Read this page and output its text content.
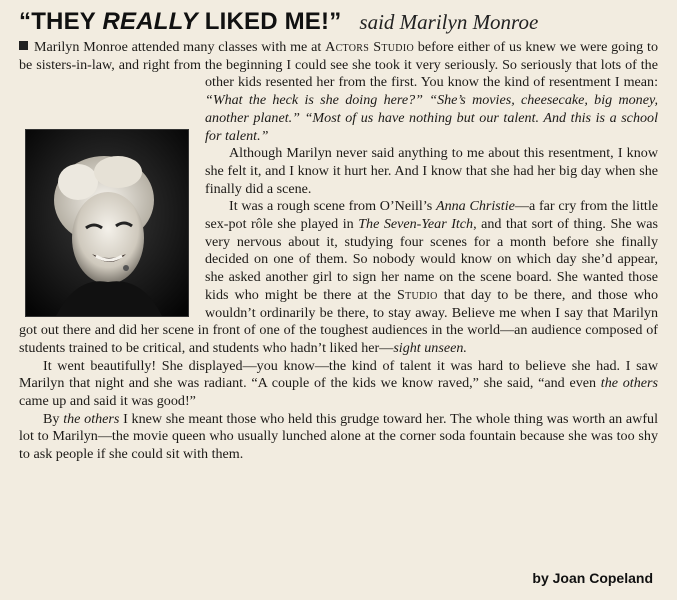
“THEY REALLY LIKED ME!” said Marilyn Monroe

Marilyn Monroe attended many classes with me at Actors Studio before either of us knew we were going to be sisters-in-law, and right from the beginning I could see she took it very seriously. So seriously that lots of the other kids resented her from the first. You know the kind of resentment I mean:
“What the heck is she doing here?” “She’s movies, cheesecake, big money, another planet.” “Most of us have nothing but our talent. And this is a school for talent.”

Although Marilyn never said anything to me about this resentment, I know she felt it, and I know it hurt her. And I know that she had her big day when she finally did a scene.

It was a rough scene from O’Neill’s Anna Christie—a far cry from the little sex-pot rôle she played in The Seven-Year Itch, and that sort of thing. She was very nervous about it, studying four scenes for a month before she finally decided on one of them. So nobody would know on which day she’d appear, she asked another girl to sign her name on the scene board. She wanted those kids who might be there at the Studio that day to be there, and those who wouldn’t ordinarily be there, to stay away. Believe me when I say that Marilyn got out there and did her scene in front of one of the toughest audiences in the world—an audience composed of students trained to be critical, and students who hadn’t liked her—sight unseen.

It went beautifully! She displayed—you know—the kind of talent it was hard to believe she had. I saw Marilyn that night and she was radiant. “A couple of the kids we know raved,” she said, “and even the others came up and said it was good!”

By the others I knew she meant those who held this grudge toward her. The whole thing was worth an awful lot to Marilyn—the movie queen who usually lunched alone at the corner soda fountain because she was too shy to ask people if she could sit with them.

by Joan Copeland
